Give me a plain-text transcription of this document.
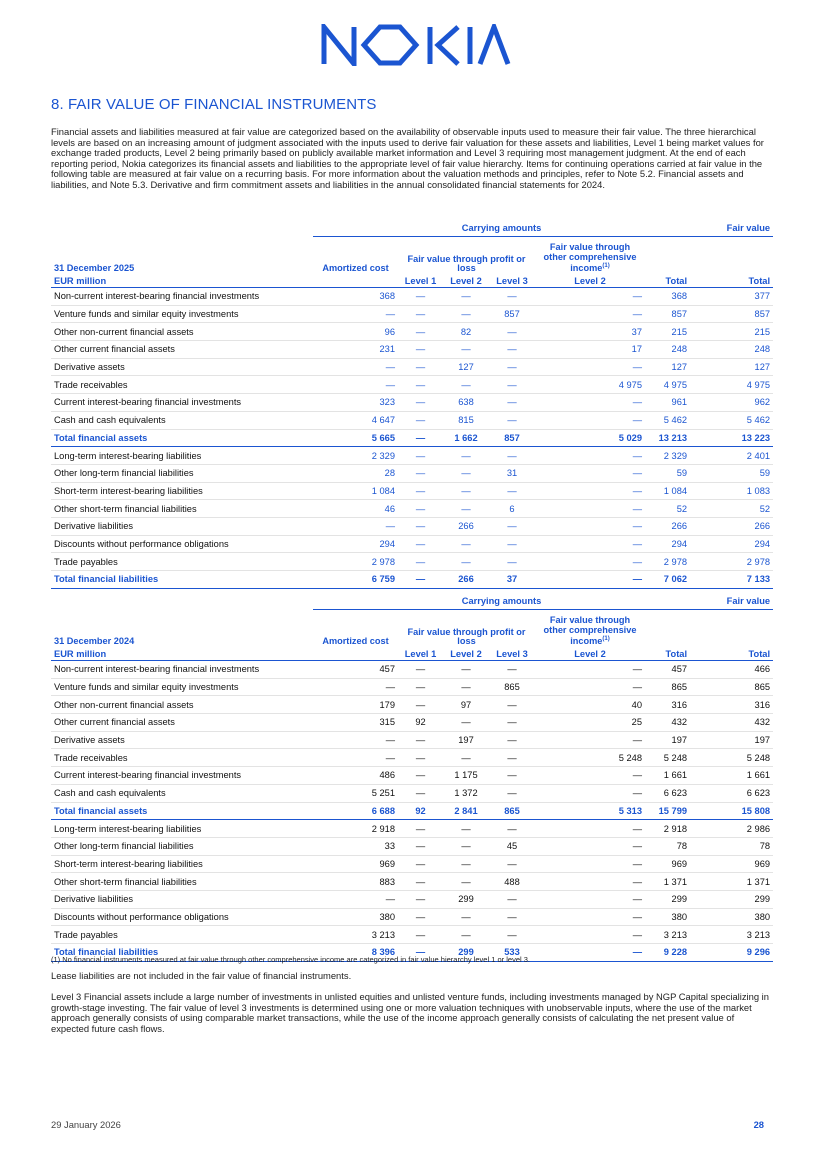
8. FAIR VALUE OF FINANCIAL INSTRUMENTS
Financial assets and liabilities measured at fair value are categorized based on the availability of observable inputs used to measure their fair value. The three hierarchical levels are based on an increasing amount of judgment associated with the inputs used to derive fair valuation for these assets and liabilities, Level 1 being market values for exchange traded products, Level 2 being primarily based on publicly available market information and Level 3 requiring most management judgment. At the end of each reporting period, Nokia categorizes its financial assets and liabilities to the appropriate level of fair value hierarchy. Items for continuing operations carried at fair value in the following table are measured at fair value on a recurring basis. For more information about the valuation methods and principles, refer to Note 5.2. Financial assets and liabilities, and Note 5.3. Derivative and firm commitment assets and liabilities in the annual consolidated financial statements for 2024.
	Carrying amounts						Fair value
31 December 2025	Amortized cost	Fair value through profit or loss			Fair value through other comprehensive income$^{(1)}$		
EUR million		Level 1	Level 2	Level 3	Level 2	Total	Total
Non-current interest-bearing financial investments	368	—	—	—	—	368	377
Venture funds and similar equity investments	—	—	—	857	—	857	857
Other non-current financial assets	96	—	82	—	37	215	215
Other current financial assets	231	—	—	—	17	248	248
Derivative assets	—	—	127	—	—	127	127
Trade receivables	—	—	—	—	4 975	4 975	4 975
Current interest-bearing financial investments	323	—	638	—	—	961	962
Cash and cash equivalents	4 647	—	815	—	—	5 462	5 462
Total financial assets	5 665	—	1 662	857	5 029	13 213	13 223
Long-term interest-bearing liabilities	2 329	—	—	—	—	2 329	2 401
Other long-term financial liabilities	28	—	—	31	—	59	59
Short-term interest-bearing liabilities	1 084	—	—	—	—	1 084	1 083
Other short-term financial liabilities	46	—	—	6	—	52	52
Derivative liabilities	—	—	266	—	—	266	266
Discounts without performance obligations	294	—	—	—	—	294	294
Trade payables	2 978	—	—	—	—	2 978	2 978
Total financial liabilities	6 759	—	266	37	—	7 062	7 133
	Carrying amounts						Fair value
31 December 2024	Amortized cost	Fair value through profit or loss			Fair value through other comprehensive income$^{(1)}$		
EUR million		Level 1	Level 2	Level 3	Level 2	Total	Total
Non-current interest-bearing financial investments	457	—	—	—	—	457	466
Venture funds and similar equity investments	—	—	—	865	—	865	865
Other non-current financial assets	179	—	97	—	40	316	316
Other current financial assets	315	92	—	—	25	432	432
Derivative assets	—	—	197	—	—	197	197
Trade receivables	—	—	—	—	5 248	5 248	5 248
Current interest-bearing financial investments	486	—	1 175	—	—	1 661	1 661
Cash and cash equivalents	5 251	—	1 372	—	—	6 623	6 623
Total financial assets	6 688	92	2 841	865	5 313	15 799	15 808
Long-term interest-bearing liabilities	2 918	—	—	—	—	2 918	2 986
Other long-term financial liabilities	33	—	—	45	—	78	78
Short-term interest-bearing liabilities	969	—	—	—	—	969	969
Other short-term financial liabilities	883	—	—	488	—	1 371	1 371
Derivative liabilities	—	—	299	—	—	299	299
Discounts without performance obligations	380	—	—	—	—	380	380
Trade payables	3 213	—	—	—	—	3 213	3 213
Total financial liabilities	8 396	—	299	533	—	9 228	9 296
(1) No financial instruments measured at fair value through other comprehensive income are categorized in fair value hierarchy level 1 or level 3.
Lease liabilities are not included in the fair value of financial instruments.
Level 3 Financial assets include a large number of investments in unlisted equities and unlisted venture funds, including investments managed by NGP Capital specializing in growth-stage investing. The fair value of level 3 investments is determined using one or more valuation techniques with unobservable inputs, where the use of the market approach generally consists of using comparable market transactions, while the use of the income approach generally consists of calculating the net present value of expected future cash flows.
29 January 2026	28
